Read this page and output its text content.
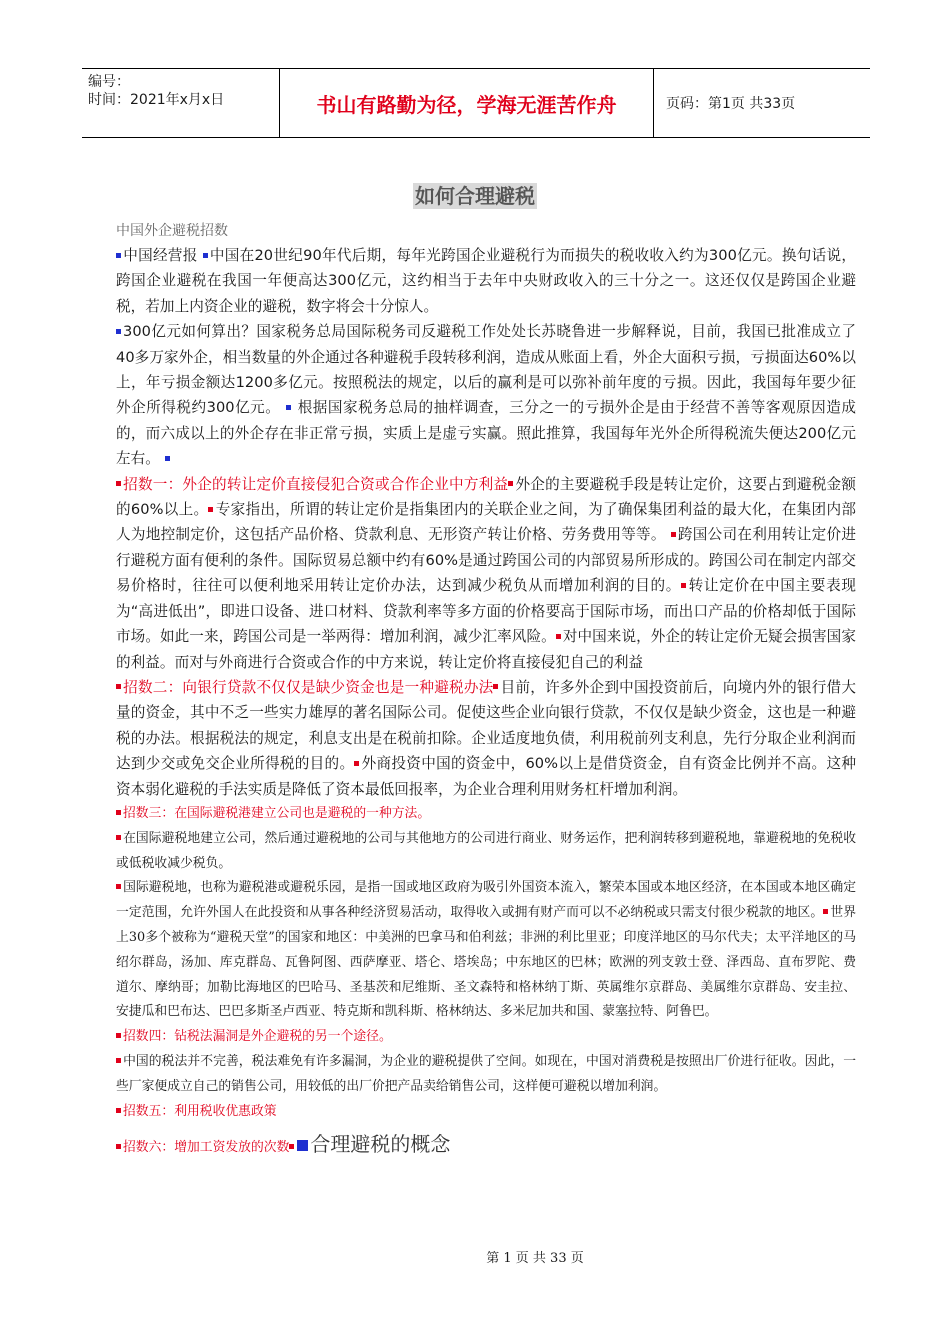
编号：
时间：2021年x月x日	书山有路勤为径，学海无涯苦作舟	页码：第1页 共33页
如何合理避税
中国外企避税招数

中国经营报 中国在20世纪90年代后期，每年光跨国企业避税行为而损失的税收收入约为300亿元。换句话说，跨国企业避税在我国一年便高达300亿元，这约相当于去年中央财政收入的三十分之一。这还仅仅是跨国企业避税，若加上内资企业的避税，数字将会十分惊人。

300亿元如何算出？国家税务总局国际税务司反避税工作处处长苏晓鲁进一步解释说，目前，我国已批准成立了40多万家外企，相当数量的外企通过各种避税手段转移利润，造成从账面上看，外企大面积亏损，亏损面达60%以上，年亏损金额达1200多亿元。按照税法的规定，以后的赢利是可以弥补前年度的亏损。因此，我国每年要少征外企所得税约300亿元。  根据国家税务总局的抽样调查，三分之一的亏损外企是由于经营不善等客观原因造成的，而六成以上的外企存在非正常亏损，实质上是虚亏实赢。照此推算，我国每年光外企所得税流失便达200亿元左右。

招数一：外企的转让定价直接侵犯合资或合作企业中方利益 外企的主要避税手段是转让定价，这要占到避税金额的60%以上。 专家指出，所谓的转让定价是指集团内的关联企业之间，为了确保集团利益的最大化，在集团内部人为地控制定价，这包括产品价格、贷款利息、无形资产转让价格、劳务费用等等。 跨国公司在利用转让定价进行避税方面有便利的条件。国际贸易总额中约有60%是通过跨国公司的内部贸易所形成的。跨国公司在制定内部交易价格时，往往可以便利地采用转让定价办法，达到减少税负从而增加利润的目的。 转让定价在中国主要表现为“高进低出”，即进口设备、进口材料、贷款利率等多方面的价格要高于国际市场，而出口产品的价格却低于国际市场。如此一来，跨国公司是一举两得：增加利润，减少汇率风险。 对中国来说，外企的转让定价无疑会损害国家的利益。而对与外商进行合资或合作的中方来说，转让定价将直接侵犯自己的利益

招数二：向银行贷款不仅仅是缺少资金也是一种避税办法 目前，许多外企到中国投资前后，向境内外的银行借大量的资金，其中不乏一些实力雄厚的著名国际公司。促使这些企业向银行贷款，不仅仅是缺少资金，这也是一种避税的办法。根据税法的规定，利息支出是在税前扣除。企业适度地负债，利用税前列支利息，先行分取企业利润而达到少交或免交企业所得税的目的。 外商投资中国的资金中，60%以上是借贷资金，自有资金比例并不高。这种资本弱化避税的手法实质是降低了资本最低回报率，为企业合理利用财务杠杆增加利润。

招数三：在国际避税港建立公司也是避税的一种方法。

在国际避税地建立公司，然后通过避税地的公司与其他地方的公司进行商业、财务运作，把利润转移到避税地，靠避税地的免税收或低税收减少税负。

国际避税地，也称为避税港或避税乐园，是指一国或地区政府为吸引外国资本流入，繁荣本国或本地区经济，在本国或本地区确定一定范围，允许外国人在此投资和从事各种经济贸易活动，取得收入或拥有财产而可以不必纳税或只需支付很少税款的地区。 世界上30多个被称为“避税天堂”的国家和地区：中美洲的巴拿马和伯利兹；非洲的利比里亚；印度洋地区的马尔代夫；太平洋地区的马绍尔群岛，汤加、库克群岛、瓦鲁阿图、西萨摩亚、塔仑、塔埃岛；中东地区的巴林；欧洲的列支敦士登、泽西岛、直布罗陀、费道尔、摩纳哥；加勒比海地区的巴哈马、圣基茨和尼维斯、圣文森特和格林纳丁斯、英属维尔京群岛、美属维尔京群岛、安圭拉、安捷瓜和巴布达、巴巴多斯圣卢西亚、特克斯和凯科斯、格林纳达、多米尼加共和国、蒙塞拉特、阿鲁巴。

招数四：钻税法漏洞是外企避税的另一个途径。

中国的税法并不完善，税法难免有许多漏洞，为企业的避税提供了空间。如现在，中国对消费税是按照出厂价进行征收。因此，一些厂家便成立自己的销售公司，用较低的出厂价把产品卖给销售公司，这样便可避税以增加利润。

招数五：利用税收优惠政策

招数六：增加工资发放的次数 合理避税的概念

第 1 页 共 33 页
